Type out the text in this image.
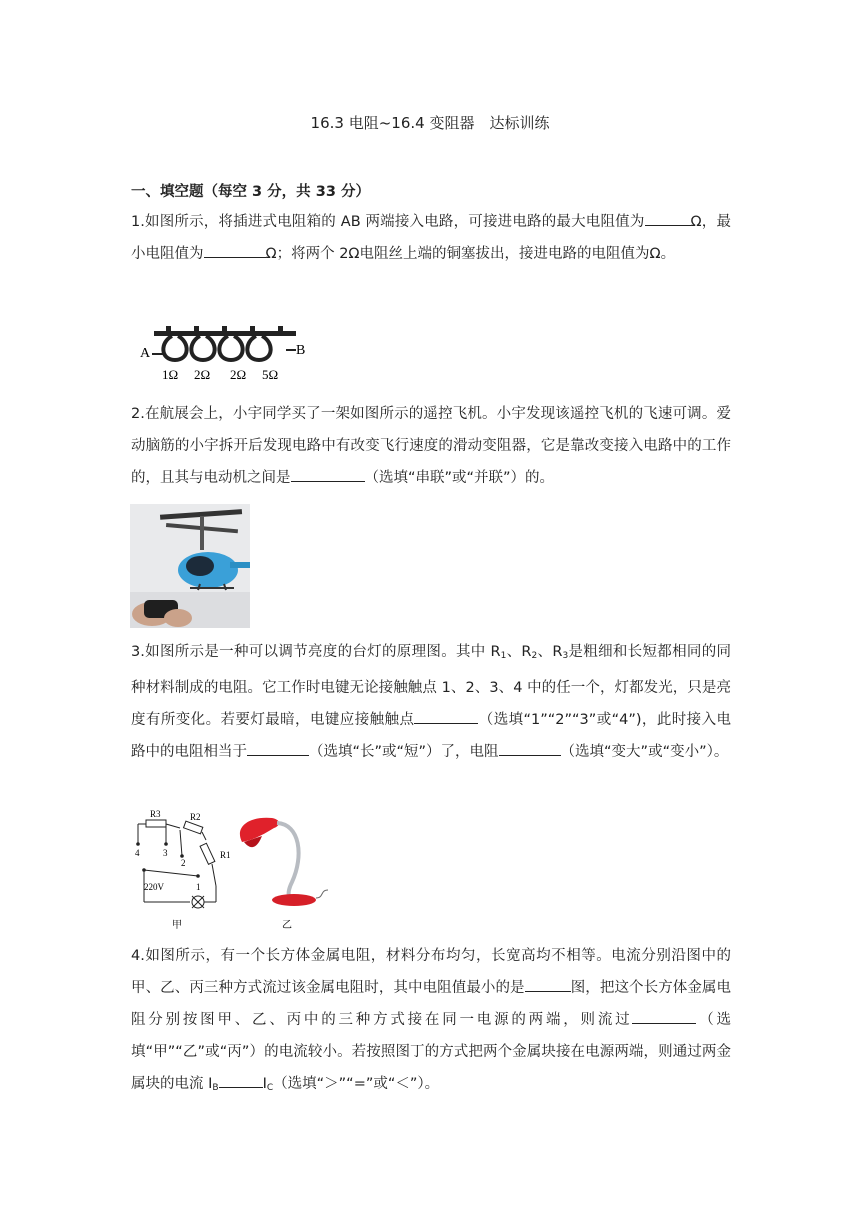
16.3 电阻~16.4 变阻器　达标训练
一、填空题（每空 3 分，共 33 分）
1.如图所示，将插进式电阻箱的 AB 两端接入电路，可接进电路的最大电阻值为	Ω，最小电阻值为	Ω；将两个 2Ω电阻丝上端的铜塞拔出，接进电路的电阻值为Ω。
A	B
1Ω 2Ω 2Ω 5Ω
2.在航展会上，小宇同学买了一架如图所示的遥控飞机。小宇发现该遥控飞机的飞速可调。爱动脑筋的小宇拆开后发现电路中有改变飞行速度的滑动变阻器，它是靠改变接入电路中的工作的，且其与电动机之间是	（选填“串联”或“并联”）的。
3.如图所示是一种可以调节亮度的台灯的原理图。其中 $R_1$、$R_2$、$R_3$是粗细和长短都相同的同种材料制成的电阻。它工作时电键无论接触触点 1、2、3、4 中的任一个，灯都发光，只是亮度有所变化。若要灯最暗，电键应接触触点	（选填“1”“2”“3”或“4”)，此时接入电路中的电阻相当于	（选填“长”或“短”）了，电阻	（选填“变大”或“变小”）。
R3	R2
R1
4	3
2
1
220V
甲	乙
4.如图所示，有一个长方体金属电阻，材料分布均匀，长宽高均不相等。电流分别沿图中的甲、乙、丙三种方式流过该金属电阻时，其中电阻值最小的是	图，把这个长方体金属电阻分别按图甲、乙、丙中的三种方式接在同一电源的两端，则流过	（选填“甲”“乙”或“丙”）的电流较小。若按照图丁的方式把两个金属块接在电源两端，则通过两金属块的电流 $I_B$	$I_C$（选填“＞”“=”或“＜”）。
